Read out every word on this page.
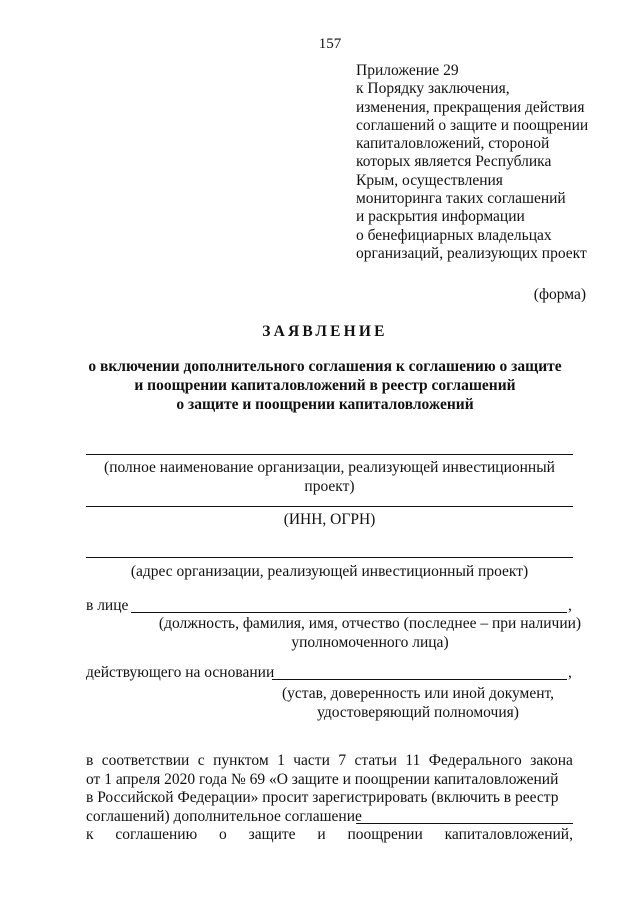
157
Приложение 29
к Порядку заключения,
изменения, прекращения действия
соглашений о защите и поощрении
капиталовложений, стороной
которых является Республика
Крым, осуществления
мониторинга таких соглашений
и раскрытия информации
о бенефициарных владельцах
организаций, реализующих проект
(форма)
ЗАЯВЛЕНИЕ
о включении дополнительного соглашения к соглашению о защите
и поощрении капиталовложений в реестр соглашений
о защите и поощрении капиталовложений
(полное наименование организации, реализующей инвестиционный
проект)
(ИНН, ОГРН)
(адрес организации, реализующей инвестиционный проект)
в лице	,
(должность, фамилия, имя, отчество (последнее – при наличии)
уполномоченного лица)
действующего на основании	,
(устав, доверенность или иной документ,
удостоверяющий полномочия)
в соответствии с пунктом 1 части 7 статьи 11 Федерального закона
от 1 апреля 2020 года № 69 «О защите и поощрении капиталовложений
в Российской Федерации» просит зарегистрировать (включить в реестр
соглашений) дополнительное соглашение
к соглашению о защите и поощрении капиталовложений,
